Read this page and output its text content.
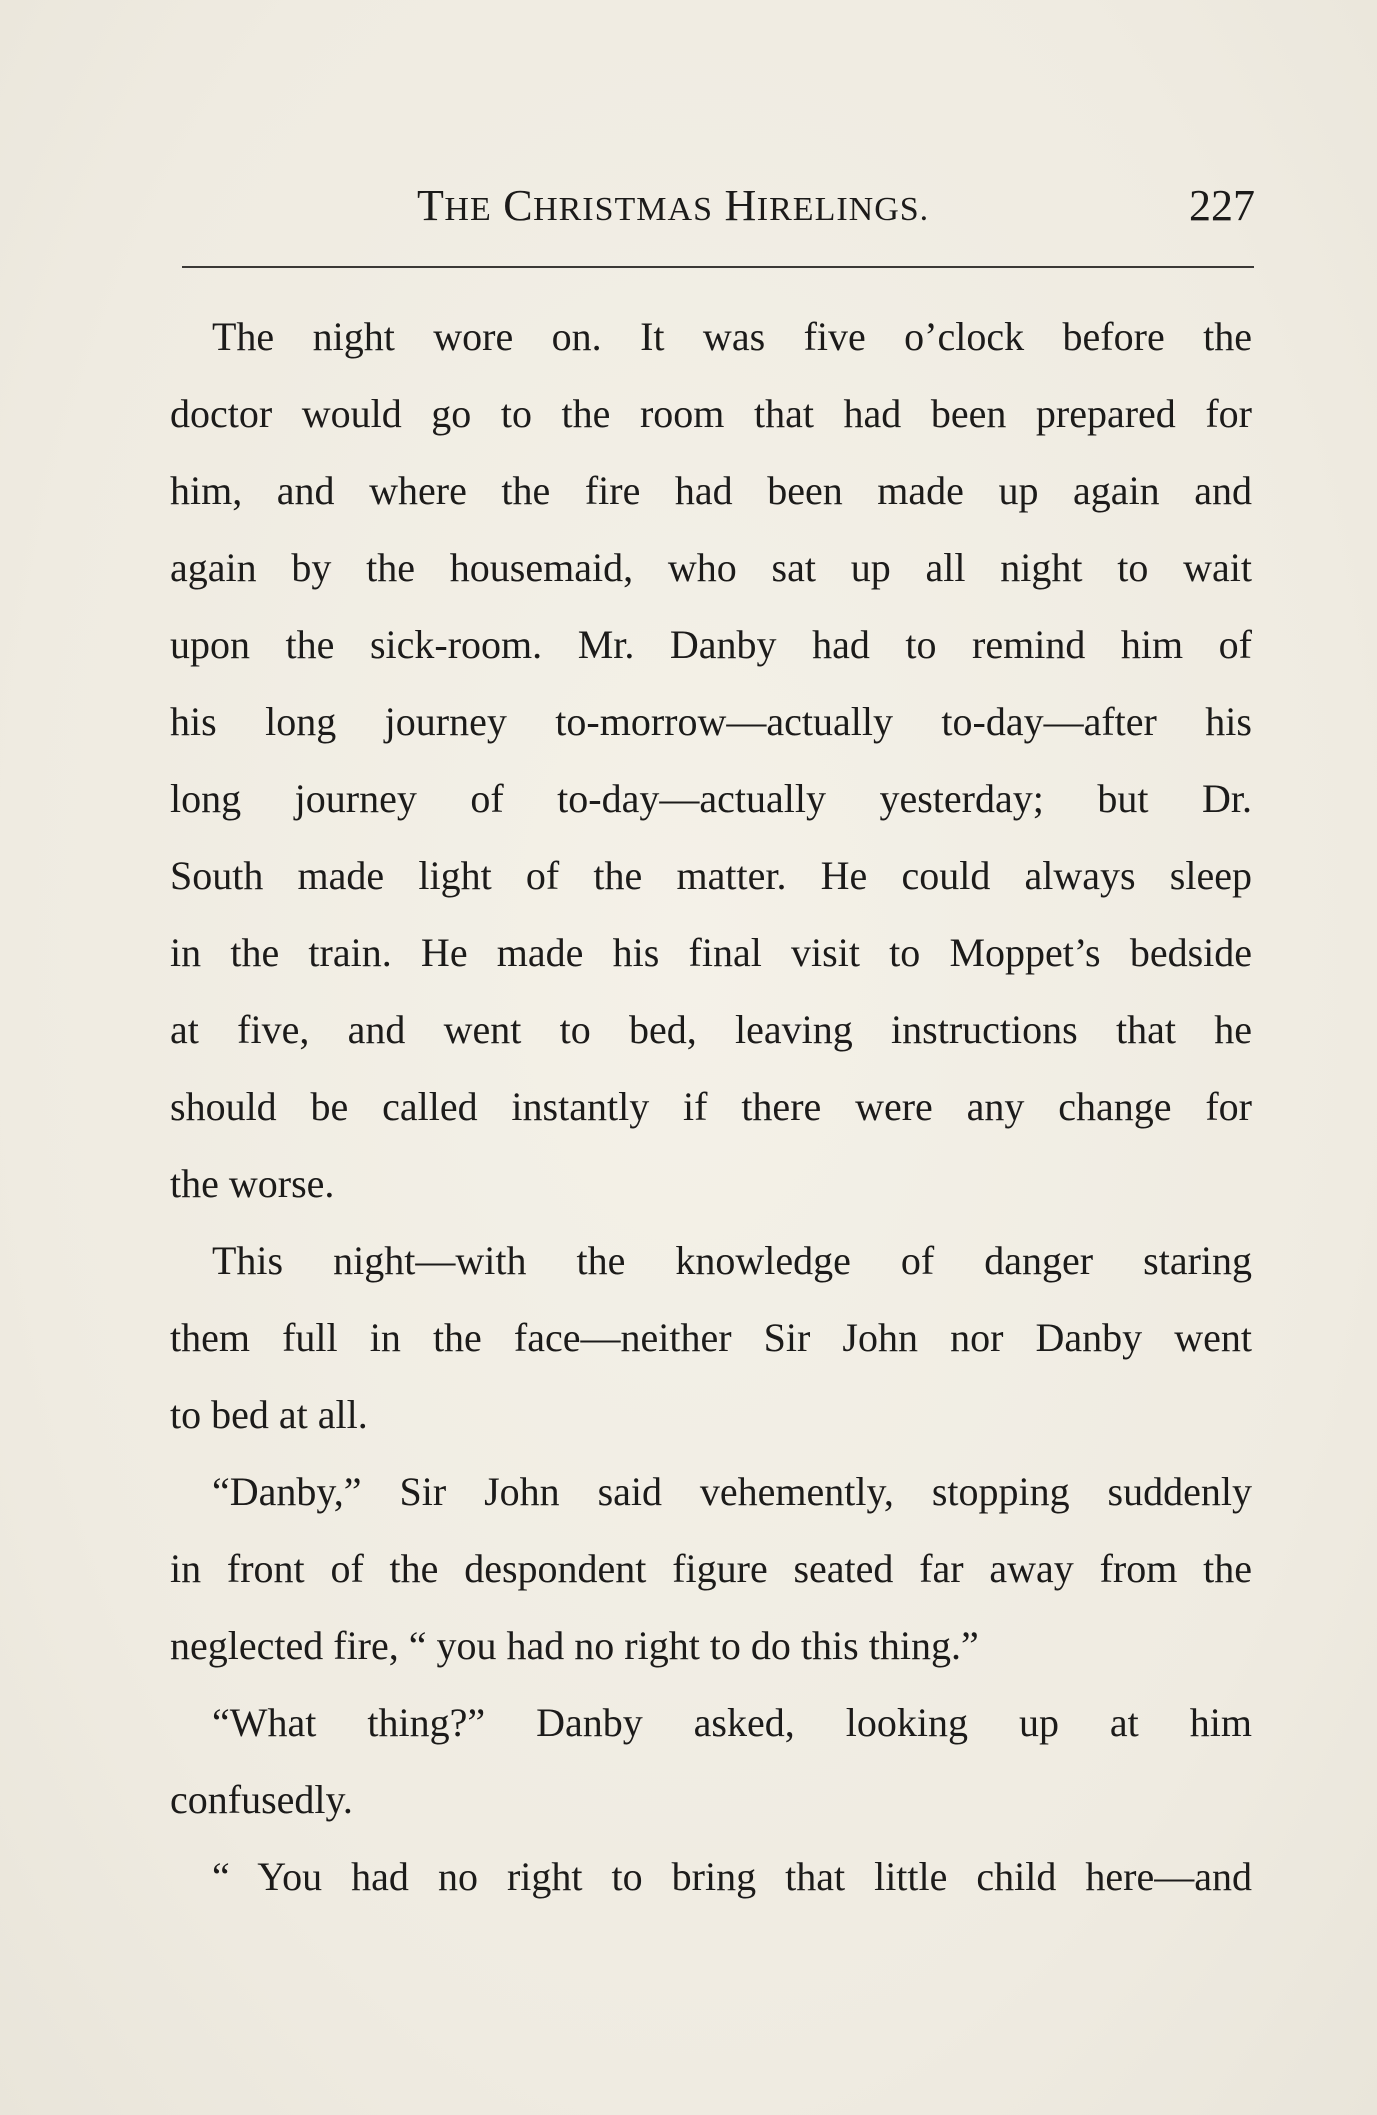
THE CHRISTMAS HIRELINGS.	227
The night wore on. It was five o’clock before the
doctor would go to the room that had been prepared for
him, and where the fire had been made up again and
again by the housemaid, who sat up all night to wait
upon the sick-room. Mr. Danby had to remind him of
his long journey to-morrow—actually to-day—after his
long journey of to-day—actually yesterday; but Dr.
South made light of the matter. He could always sleep
in the train. He made his final visit to Moppet’s bedside
at five, and went to bed, leaving instructions that he
should be called instantly if there were any change for
the worse.
This night—with the knowledge of danger staring
them full in the face—neither Sir John nor Danby went
to bed at all.
“Danby,” Sir John said vehemently, stopping suddenly
in front of the despondent figure seated far away from the
neglected fire, “ you had no right to do this thing.”
“What thing?” Danby asked, looking up at him
confusedly.
“ You had no right to bring that little child here—and
